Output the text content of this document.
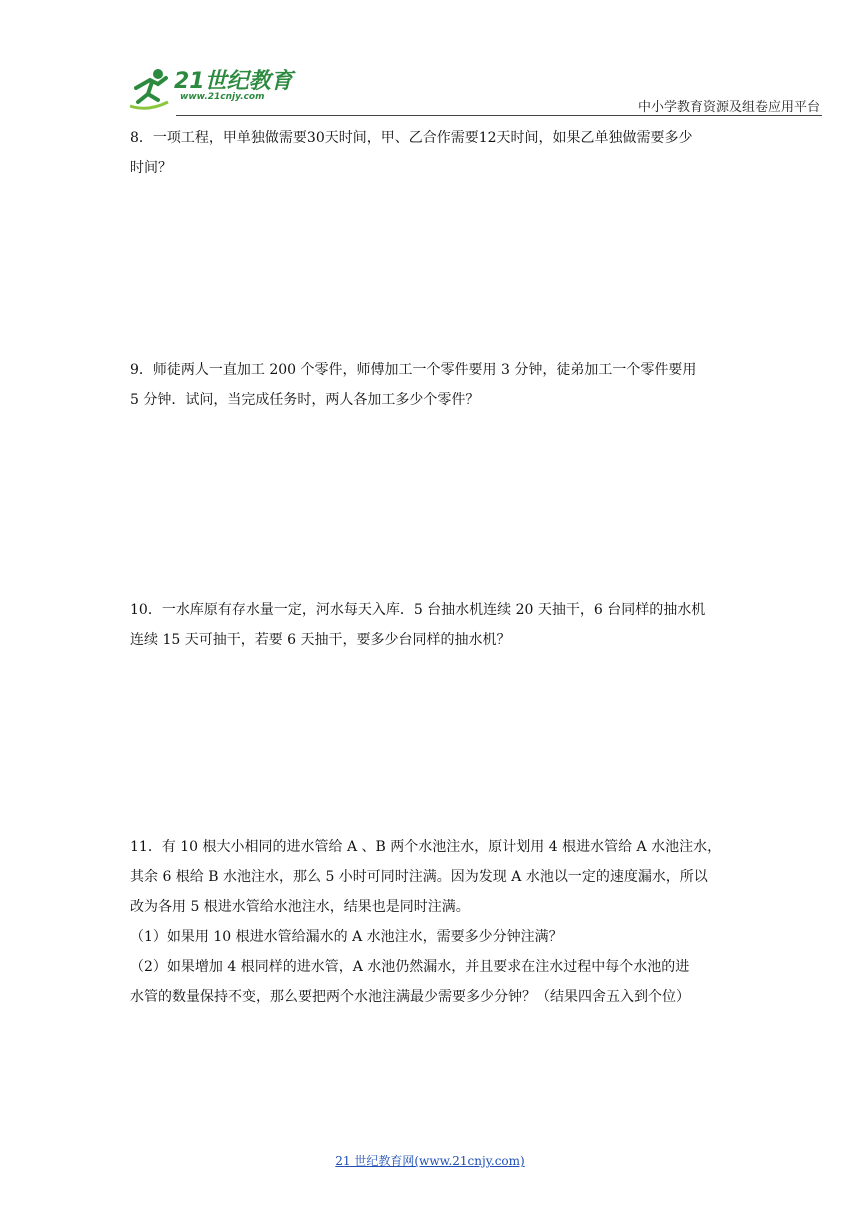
21世纪教育
www.21cnjy.com
中小学教育资源及组卷应用平台

8．一项工程，甲单独做需要30天时间，甲、乙合作需要12天时间，如果乙单独做需要多少

时间？

9．师徒两人一直加工 200 个零件，师傅加工一个零件要用 3 分钟，徒弟加工一个零件要用

5 分钟．试问，当完成任务时，两人各加工多少个零件？

10．一水库原有存水量一定，河水每天入库．5 台抽水机连续 20 天抽干，6 台同样的抽水机

连续 15 天可抽干，若要 6 天抽干，要多少台同样的抽水机？

11．有 10 根大小相同的进水管给 A 、B 两个水池注水，原计划用 4 根进水管给 A 水池注水，

其余 6 根给 B 水池注水，那么 5 小时可同时注满。因为发现 A 水池以一定的速度漏水，所以

改为各用 5 根进水管给水池注水，结果也是同时注满。

（1）如果用 10 根进水管给漏水的 A 水池注水，需要多少分钟注满？

（2）如果增加 4 根同样的进水管，A 水池仍然漏水，并且要求在注水过程中每个水池的进

水管的数量保持不变，那么要把两个水池注满最少需要多少分钟？（结果四舍五入到个位）

21 世纪教育网(www.21cnjy.com)
